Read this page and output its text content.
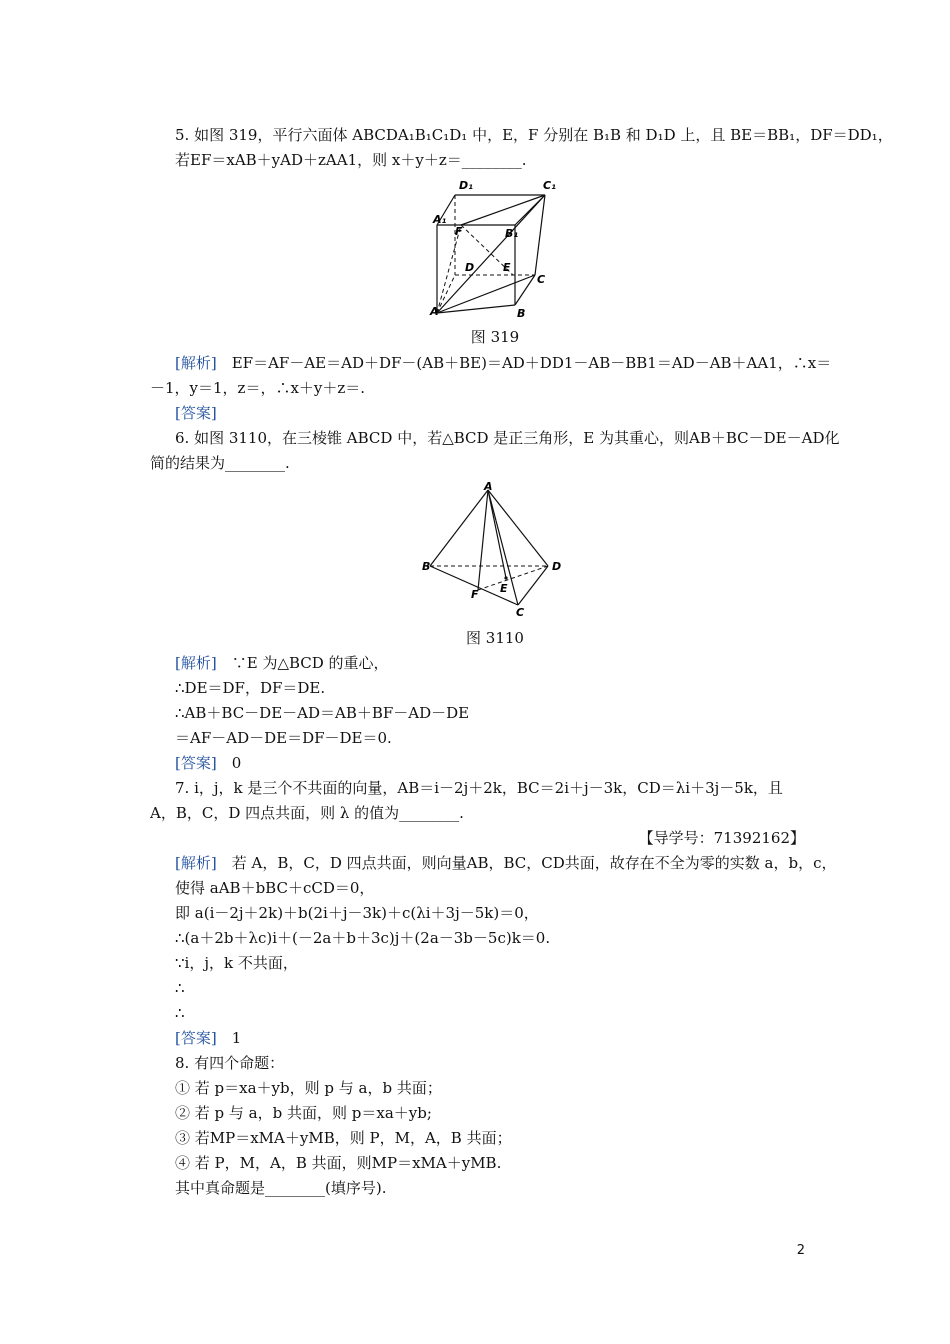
5. 如图 319，平行六面体 ABCDA₁B₁C₁D₁ 中，E，F 分别在 B₁B 和 D₁D 上，且 BE＝BB₁，DF＝DD₁，
若EF＝xAB＋yAD＋zAA1，则 x＋y＋z＝________.
D₁	C₁
A₁
F	B₁
D	E
C
A	B
图 319
[解析]　 EF＝AF－AE＝AD＋DF－(AB＋BE)＝AD＋DD1－AB－BB1＝AD－AB＋AA1，∴x＝
－1，y＝1，z＝，∴x＋y＋z＝.
[答案]
6. 如图 3110，在三棱锥 ABCD 中，若△BCD 是正三角形，E 为其重心，则AB＋BC－DE－AD化
简的结果为________.
A
B	D
F E
C
图 3110
[解析]　 ∵E 为△BCD 的重心，
∴DE＝DF，DF＝DE.
∴AB＋BC－DE－AD＝AB＋BF－AD－DE
＝AF－AD－DE＝DF－DE＝0.
[答案]　 0
7. i，j，k 是三个不共面的向量，AB＝i－2j＋2k，BC＝2i＋j－3k，CD＝λi＋3j－5k，且
A，B，C，D 四点共面，则 λ 的值为________.
【导学号：71392162】
[解析]　 若 A，B，C，D 四点共面，则向量AB，BC，CD共面，故存在不全为零的实数 a，b，c，
使得 aAB＋bBC＋cCD＝0，
即 a(i－2j＋2k)＋b(2i＋j－3k)＋c(λi＋3j－5k)＝0，
∴(a＋2b＋λc)i＋(－2a＋b＋3c)j＋(2a－3b－5c)k＝0.
∵i，j，k 不共面，
∴
∴
[答案]　 1
8. 有四个命题：
① 若 p＝xa＋yb，则 p 与 a，b 共面；
② 若 p 与 a，b 共面，则 p＝xa＋yb;
③ 若MP＝xMA＋yMB，则 P，M，A，B 共面；
④ 若 P，M，A，B 共面，则MP＝xMA＋yMB.
其中真命题是________(填序号).
2
